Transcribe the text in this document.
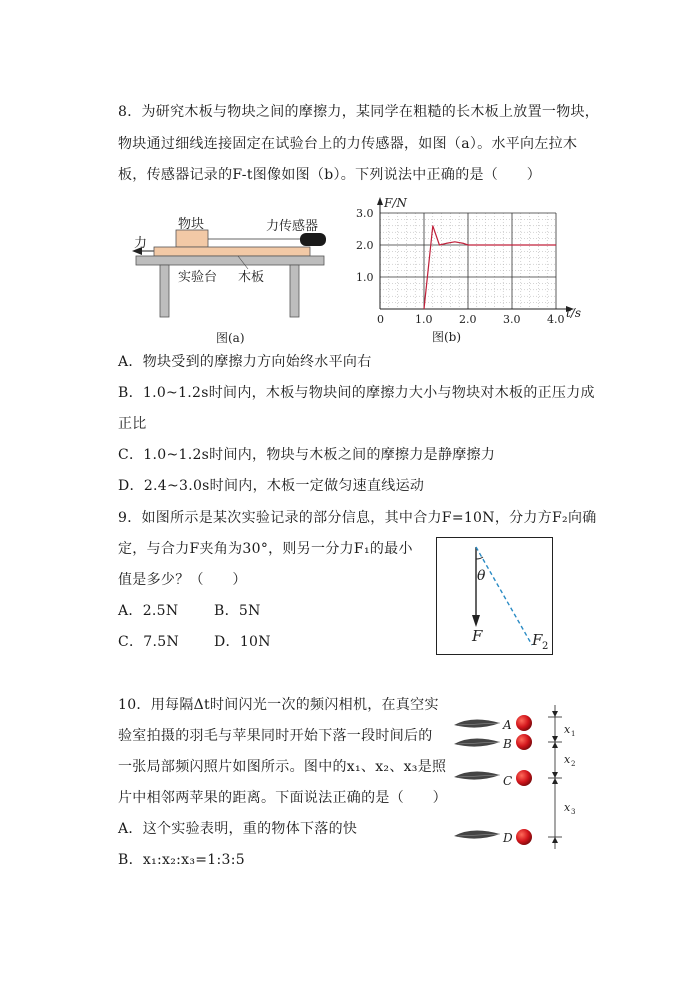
8．为研究木板与物块之间的摩擦力，某同学在粗糙的长木板上放置一物块，
物块通过细线连接固定在试验台上的力传感器，如图（a）。水平向左拉木
板，传感器记录的F-t图像如图（b）。下列说法中正确的是（　　）
力
物块	力传感器
实验台 木板
图(a)
0	1.0 2.0 3.0 4.0
1.0
2.0
3.0
F/N
t/s
图(b)
A．物块受到的摩擦力方向始终水平向右
B．1.0~1.2s时间内，木板与物块间的摩擦力大小与物块对木板的正压力成
正比
C．1.0~1.2s时间内，物块与木板之间的摩擦力是静摩擦力
D．2.4~3.0s时间内，木板一定做匀速直线运动
9．如图所示是某次实验记录的部分信息，其中合力F=10N，分力方F₂向确
定，与合力F夹角为30°，则另一分力F₁的最小
值是多少？（　　）
A．2.5N	B．5N
C．7.5N D．10N
θ
F	F 2
10．用每隔Δt时间闪光一次的频闪相机，在真空实
验室拍摄的羽毛与苹果同时开始下落一段时间后的
一张局部频闪照片如图所示。图中的x₁、x₂、x₃是照
片中相邻两苹果的距离。下面说法正确的是（　　）
A．这个实验表明，重的物体下落的快
B．x₁:x₂:x₃=1:3:5
A
B
C
D
x 1
x 2
x 3
